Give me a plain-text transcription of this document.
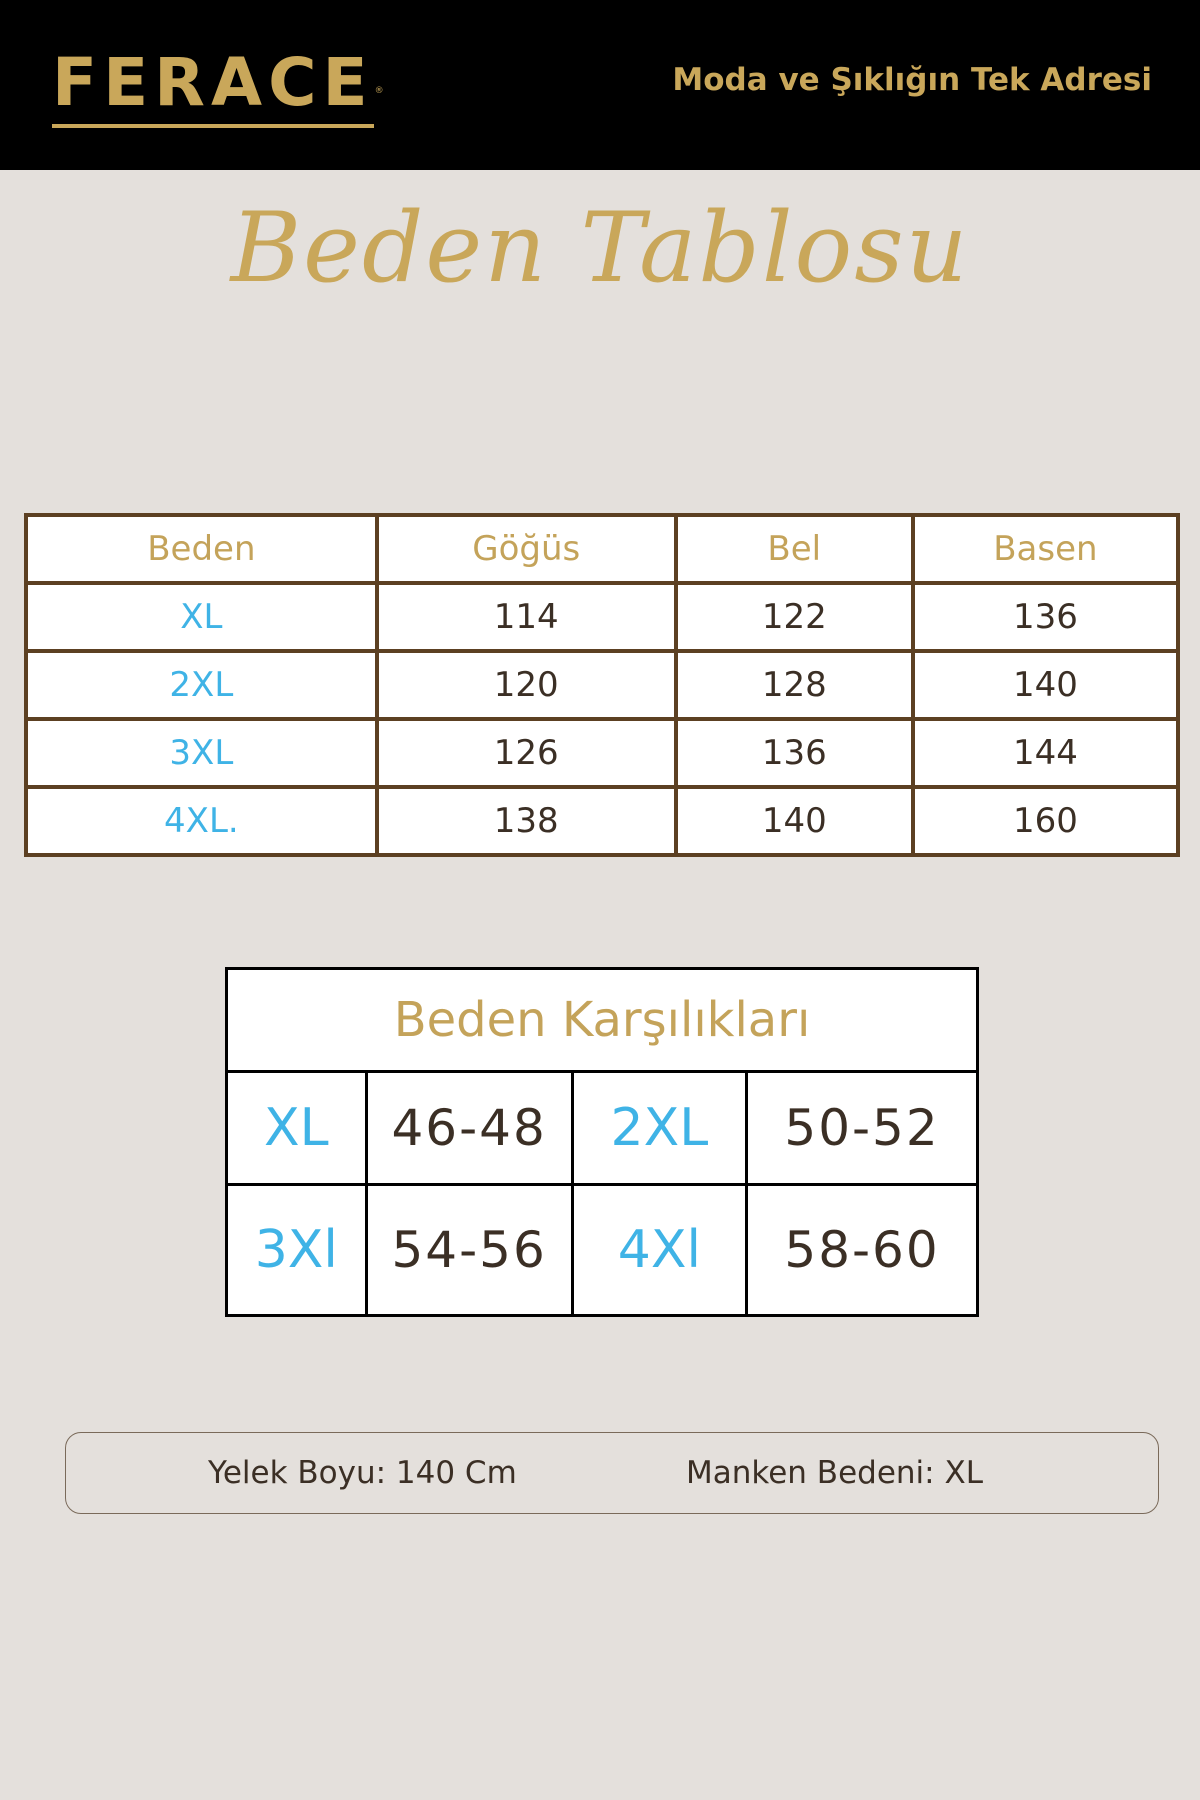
FERACE ®	Moda ve Şıklığın Tek Adresi
Beden Tablosu
Beden	Göğüs	Bel	Basen
XL	114	122	136
2XL	120	128	140
3XL	126	136	144
4XL.	138	140	160
Beden Karşılıkları			
XL	46-48	2XL	50-52
3Xl	54-56	4Xl	58-60
Yelek Boyu: 140 Cm	Manken Bedeni: XL
